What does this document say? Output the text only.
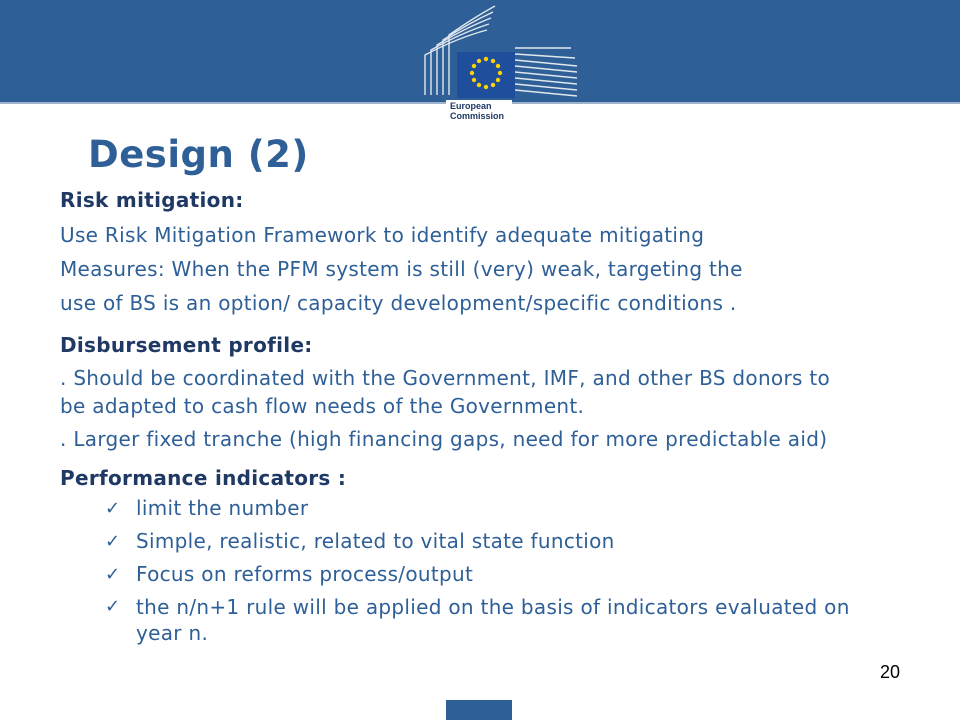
European
Commission
Design (2)
Risk mitigation:

Use Risk Mitigation Framework to identify adequate mitigating

Measures: When the PFM system is still (very) weak, targeting the

use of BS is an option/ capacity development/specific conditions .

Disbursement profile:

. Should be coordinated with the Government, IMF, and other BS donors to be adapted to cash flow needs of the Government.

. Larger fixed tranche (high financing gaps, need for more predictable aid)

Performance indicators :
✓ limit the number
✓ Simple, realistic, related to vital state function
✓ Focus on reforms process/output
✓ the n/n+1 rule will be applied on the basis of indicators evaluated on year n.
20
